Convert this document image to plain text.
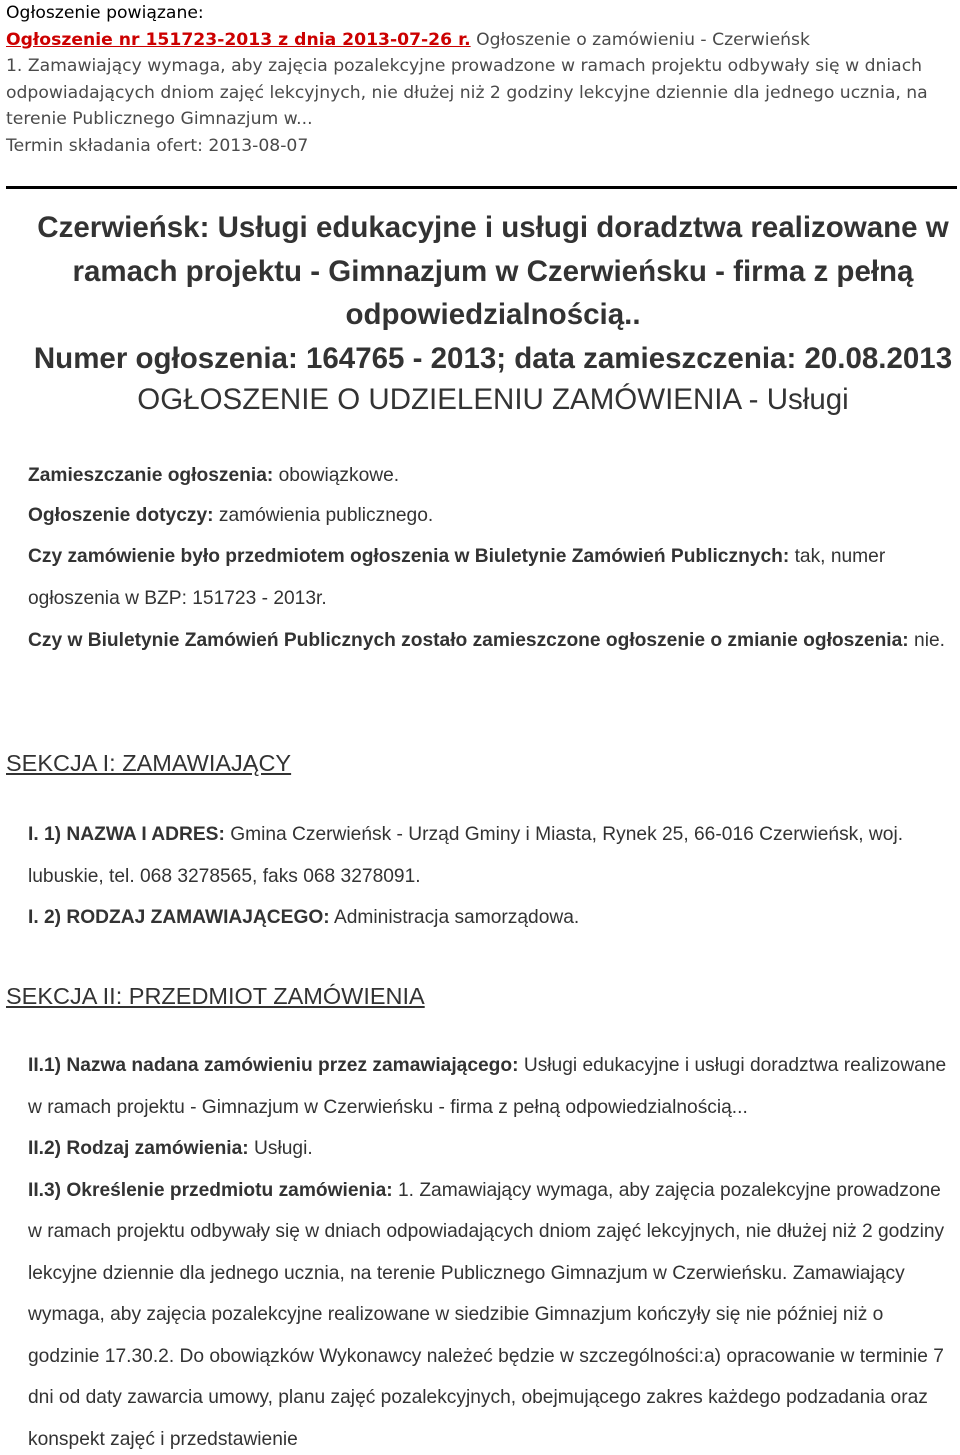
Ogłoszenie powiązane:
Ogłoszenie nr 151723-2013 z dnia 2013-07-26 r. Ogłoszenie o zamówieniu - Czerwieńsk
1. Zamawiający wymaga, aby zajęcia pozalekcyjne prowadzone w ramach projektu odbywały się w dniach odpowiadających dniom zajęć lekcyjnych, nie dłużej niż 2 godziny lekcyjne dziennie dla jednego ucznia, na terenie Publicznego Gimnazjum w...
Termin składania ofert: 2013-08-07
Czerwieńsk: Usługi edukacyjne i usługi doradztwa realizowane w
ramach projektu - Gimnazjum w Czerwieńsku - firma z pełną
odpowiedzialnością..
Numer ogłoszenia: 164765 - 2013; data zamieszczenia: 20.08.2013
OGŁOSZENIE O UDZIELENIU ZAMÓWIENIA - Usługi
Zamieszczanie ogłoszenia: obowiązkowe.
Ogłoszenie dotyczy: zamówienia publicznego.
Czy zamówienie było przedmiotem ogłoszenia w Biuletynie Zamówień Publicznych: tak, numer ogłoszenia w BZP: 151723 - 2013r.
Czy w Biuletynie Zamówień Publicznych zostało zamieszczone ogłoszenie o zmianie ogłoszenia: nie.
SEKCJA I: ZAMAWIAJĄCY
I. 1) NAZWA I ADRES: Gmina Czerwieńsk - Urząd Gminy i Miasta, Rynek 25, 66-016 Czerwieńsk, woj. lubuskie, tel. 068 3278565, faks 068 3278091.
I. 2) RODZAJ ZAMAWIAJĄCEGO: Administracja samorządowa.
SEKCJA II: PRZEDMIOT ZAMÓWIENIA
II.1) Nazwa nadana zamówieniu przez zamawiającego: Usługi edukacyjne i usługi doradztwa realizowane w ramach projektu - Gimnazjum w Czerwieńsku - firma z pełną odpowiedzialnością...
II.2) Rodzaj zamówienia: Usługi.
II.3) Określenie przedmiotu zamówienia: 1. Zamawiający wymaga, aby zajęcia pozalekcyjne prowadzone w ramach projektu odbywały się w dniach odpowiadających dniom zajęć lekcyjnych, nie dłużej niż 2 godziny lekcyjne dziennie dla jednego ucznia, na terenie Publicznego Gimnazjum w Czerwieńsku. Zamawiający wymaga, aby zajęcia pozalekcyjne realizowane w siedzibie Gimnazjum kończyły się nie później niż o godzinie 17.30.2. Do obowiązków Wykonawcy należeć będzie w szczególności:a) opracowanie w terminie 7 dni od daty zawarcia umowy, planu zajęć pozalekcyjnych, obejmującego zakres każdego podzadania oraz konspekt zajęć i przedstawienie
